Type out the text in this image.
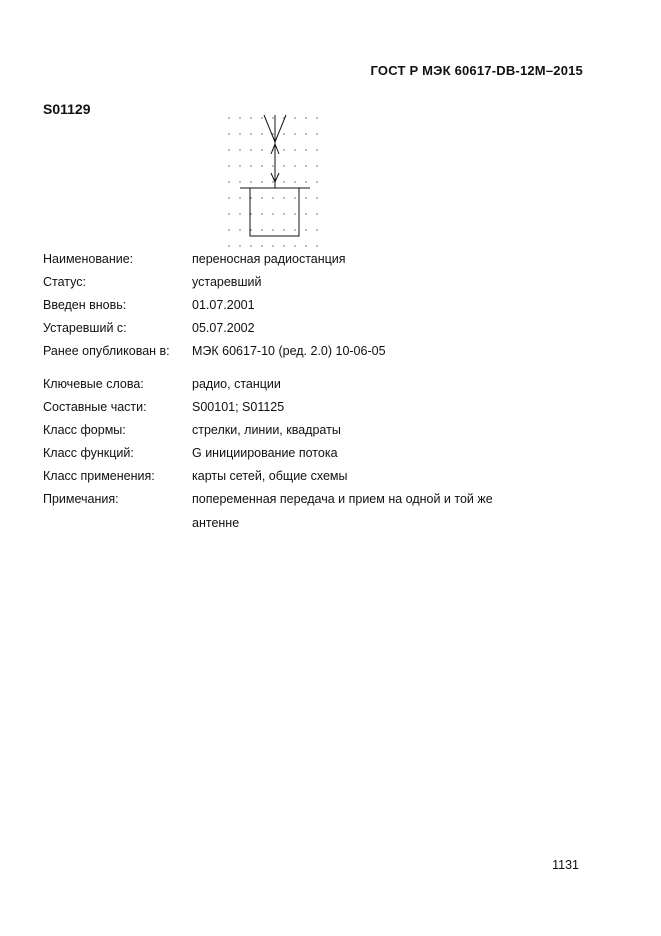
ГОСТ Р МЭК 60617-DB-12M–2015
S01129
Наименование:	переносная радиостанция
Статус:	устаревший
Введен вновь:	01.07.2001
Устаревший с:	05.07.2002
Ранее опубликован в: МЭК 60617-10 (ред. 2.0) 10-06-05
Ключевые слова:	радио, станции
Составные части:	S00101; S01125
Класс формы:	стрелки, линии, квадраты
Класс функций:	G инициирование потока
Класс применения:	карты сетей, общие схемы
Примечания:	попеременная передача и прием на одной и той же
антенне
1131
